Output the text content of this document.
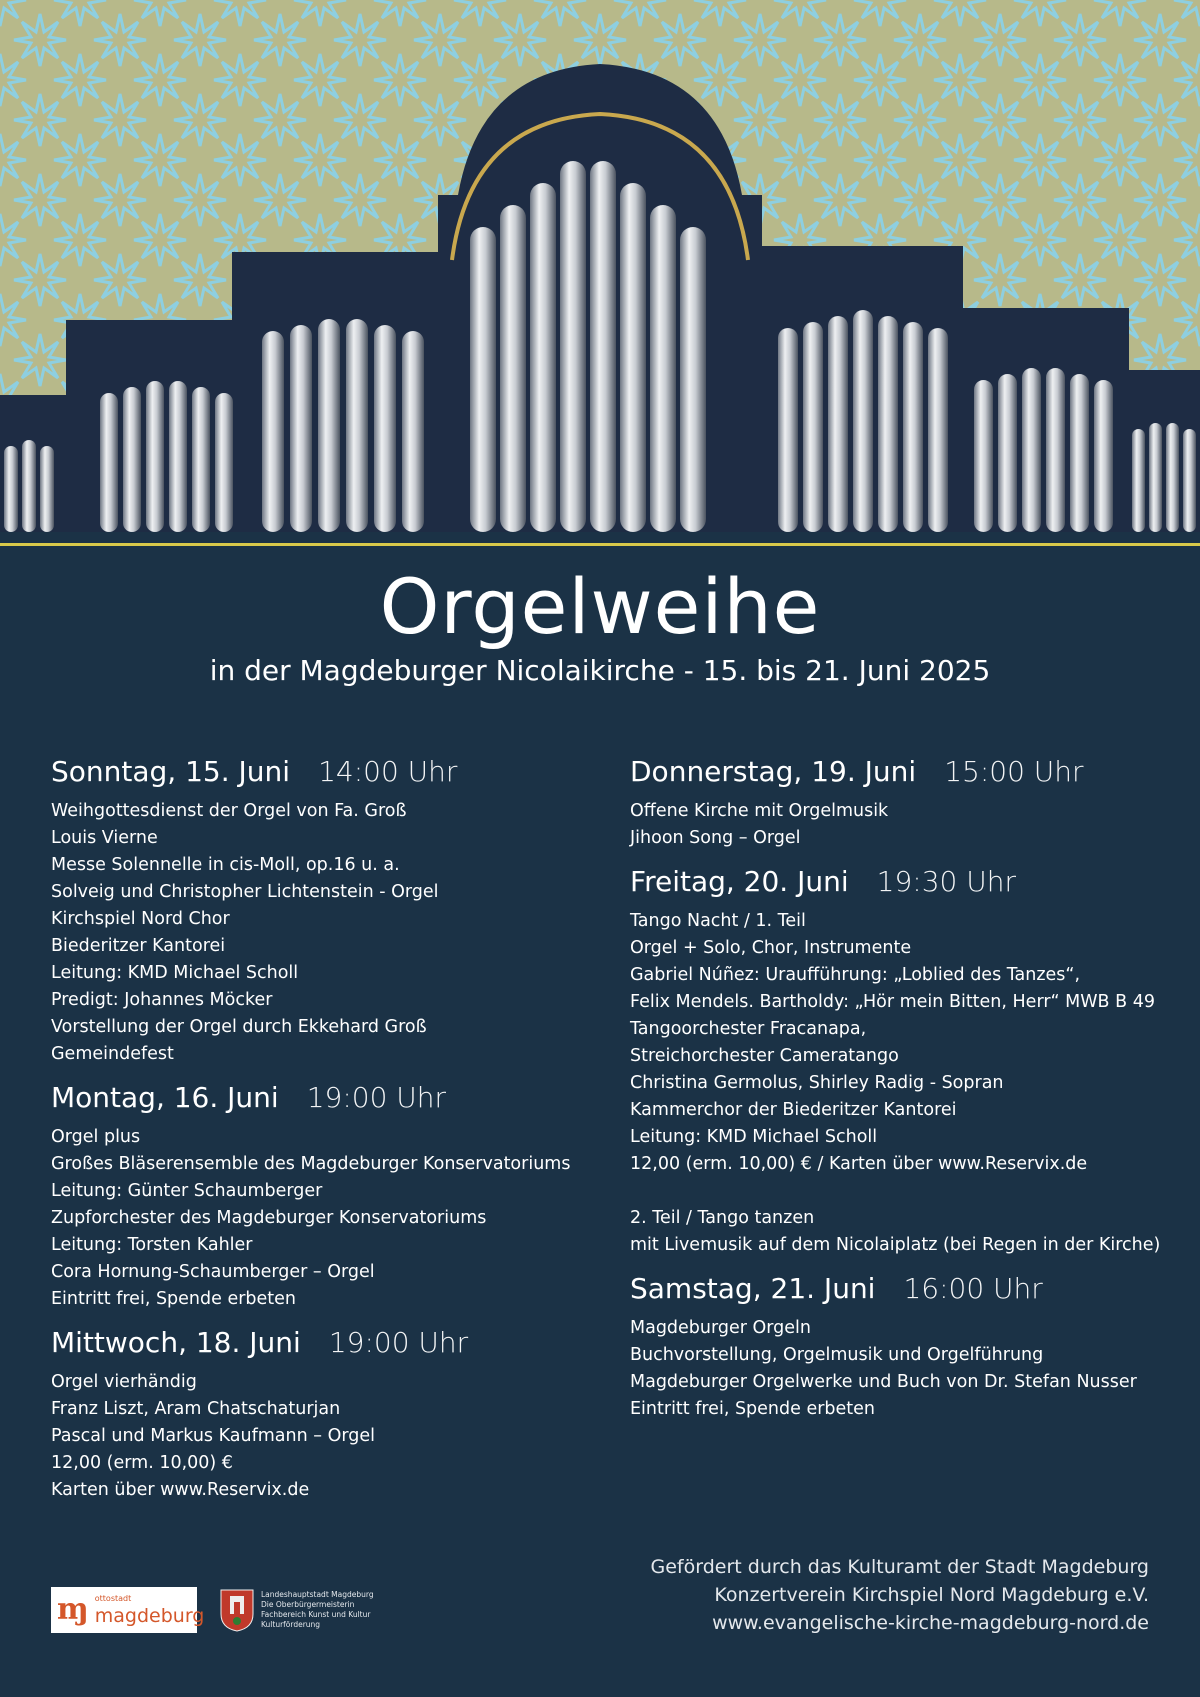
Orgelweihe
in der Magdeburger Nicolaikirche - 15. bis 21. Juni 2025
Sonntag, 15. Juni 14:00 Uhr
Weihgottesdienst der Orgel von Fa. Groß
Louis Vierne
Messe Solennelle in cis-Moll, op.16 u. a.
Solveig und Christopher Lichtenstein - Orgel
Kirchspiel Nord Chor
Biederitzer Kantorei
Leitung: KMD Michael Scholl
Predigt: Johannes Möcker
Vorstellung der Orgel durch Ekkehard Groß
Gemeindefest
Montag, 16. Juni 19:00 Uhr
Orgel plus
Großes Bläserensemble des Magdeburger Konservatoriums
Leitung: Günter Schaumberger
Zupforchester des Magdeburger Konservatoriums
Leitung: Torsten Kahler
Cora Hornung-Schaumberger – Orgel
Eintritt frei, Spende erbeten
Mittwoch, 18. Juni 19:00 Uhr
Orgel vierhändig
Franz Liszt, Aram Chatschaturjan
Pascal und Markus Kaufmann – Orgel
12,00 (erm. 10,00) €
Karten über www.Reservix.de
Donnerstag, 19. Juni 15:00 Uhr
Offene Kirche mit Orgelmusik
Jihoon Song – Orgel
Freitag, 20. Juni 19:30 Uhr
Tango Nacht / 1. Teil
Orgel + Solo, Chor, Instrumente
Gabriel Núñez: Uraufführung: „Loblied des Tanzes“,
Felix Mendels. Bartholdy: „Hör mein Bitten, Herr“ MWB B 49
Tangoorchester Fracanapa,
Streichorchester Cameratango
Christina Germolus, Shirley Radig - Sopran
Kammerchor der Biederitzer Kantorei
Leitung: KMD Michael Scholl
12,00 (erm. 10,00) € / Karten über www.Reservix.de
2. Teil / Tango tanzen
mit Livemusik auf dem Nicolaiplatz (bei Regen in der Kirche)
Samstag, 21. Juni 16:00 Uhr
Magdeburger Orgeln
Buchvorstellung, Orgelmusik und Orgelführung
Magdeburger Orgelwerke und Buch von Dr. Stefan Nusser
Eintritt frei, Spende erbeten
ɱ ottostadt
magdeburg
Landeshauptstadt Magdeburg
Die Oberbürgermeisterin
Fachbereich Kunst und Kultur
Kulturförderung
Gefördert durch das Kulturamt der Stadt Magdeburg
Konzertverein Kirchspiel Nord Magdeburg e.V.
www.evangelische-kirche-magdeburg-nord.de
